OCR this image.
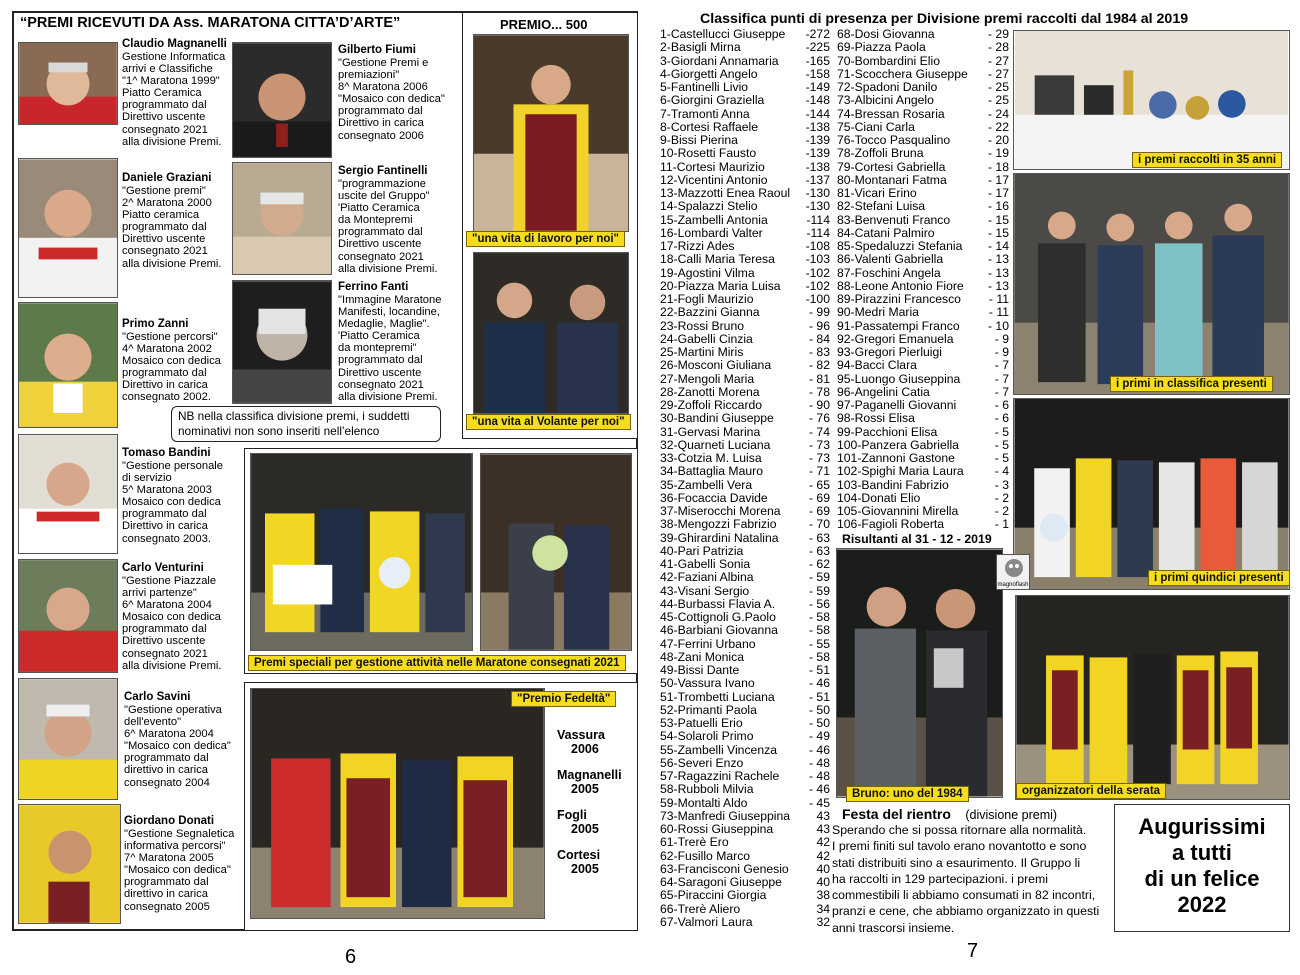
“PREMI RICEVUTI DA Ass. MARATONA CITTA’D’ARTE”
Claudio Magnanelli
Gestione Informatica
arrivi e Classifiche
"1^ Maratona 1999"
Piatto Ceramica
programmato dal
Direttivo uscente
consegnato 2021
alla divisione Premi.
Daniele Graziani
"Gestione premi"
2^ Maratona 2000
Piatto ceramica
programmato dal
Direttivo uscente
consegnato 2021
alla divisione Premi.
Primo Zanni
"Gestione percorsi"
4^ Maratona 2002
Mosaico con dedica
programmato dal
Direttivo in carica
consegnato 2002.
Gilberto Fiumi
"Gestione Premi e
premiazioni"
8^ Maratona 2006
"Mosaico con dedica"
programmato dal
Direttivo in carica
consegnato 2006
Sergio Fantinelli
"programmazione
uscite del Gruppo"
'Piatto Ceramica
da Montepremi
programmato dal
Direttivo uscente
consegnato 2021
alla divisione Premi.
Ferrino Fanti
"Immagine Maratone
Manifesti, locandine,
Medaglie, Maglie".
'Piatto Ceramica
da montepremi"
programmato dal
Direttivo uscente
consegnato 2021
alla divisione Premi.
NB nella classifica divisione premi, i suddetti
nominativi non sono inseriti nell’elenco
PREMIO... 500
"una vita di lavoro per noi"
"una vita al Volante per noi"
Tomaso Bandini
"Gestione personale
di servizio
5^ Maratona 2003
Mosaico con dedica
programmato dal
Direttivo in carica
consegnato 2003.
Carlo Venturini
"Gestione Piazzale
arrivi partenze"
6^ Maratona 2004
Mosaico con dedica
programmato dal
Direttivo uscente
consegnato 2021
alla divisione Premi.
Carlo Savini
"Gestione operativa
dell'evento"
6^ Maratona 2004
"Mosaico con dedica"
programmato dal
direttivo in carica
consegnato 2004
Giordano Donati
"Gestione Segnaletica
informativa percorsi"
7^ Maratona 2005
"Mosaico con dedica"
programmato dal
direttivo in carica
consegnato 2005
Premi speciali per gestione attività nelle Maratone consegnati 2021
"Premio Fedeltà"
Vassura
2006
Magnanelli
2005
Fogli
2005
Cortesi
2005
6
Classifica punti di presenza per Divisione premi raccolti dal 1984 al 2019
1-Castellucci Giuseppe	-272
2-Basigli Mirna	-225
3-Giordani Annamaria	-165
4-Giorgetti Angelo	-158
5-Fantinelli Livio	-149
6-Giorgini Graziella	-148
7-Tramonti Anna	-144
8-Cortesi Raffaele	-138
9-Bissi Pierina	-139
10-Rosetti Fausto	-139
11-Cortesi Maurizio	-138
12-Vicentini Antonio	-137
13-Mazzotti Enea Raoul	-130
14-Spalazzi Stelio	-130
15-Zambelli Antonia	-114
16-Lombardi Valter	-114
17-Rizzi Ades	-108
18-Calli Maria Teresa	-103
19-Agostini Vilma	-102
20-Piazza Maria Luisa	-102
21-Fogli Maurizio	-100
22-Bazzini Gianna	- 99
23-Rossi Bruno	- 96
24-Gabelli Cinzia	- 84
25-Martini Miris	- 83
26-Mosconi Giuliana	- 82
27-Mengoli Maria	- 81
28-Zanotti Morena	- 78
29-Zoffoli Riccardo	- 90
30-Bandini Giuseppe	- 76
31-Gervasi Marina	- 74
32-Quarneti Luciana	- 73
33-Cotzia M. Luisa	- 73
34-Battaglia Mauro	- 71
35-Zambelli Vera	- 65
36-Focaccia Davide	- 69
37-Miserocchi Morena	- 69
38-Mengozzi Fabrizio	- 70
39-Ghirardini Natalina	- 63
40-Pari Patrizia	- 63
41-Gabelli Sonia	- 62
42-Faziani Albina	- 59
43-Visani Sergio	- 59
44-Burbassi Flavia A.	- 56
45-Cottignoli G.Paolo	- 58
46-Barbiani Giovanna	- 58
47-Ferrini Urbano	- 55
48-Zani Monica	- 58
49-Bissi Dante	- 51
50-Vassura Ivano	- 46
51-Trombetti Luciana	- 51
52-Primanti Paola	- 50
53-Patuelli Erio	- 50
54-Solaroli Primo	- 49
55-Zambelli Vincenza	- 46
56-Severi Enzo	- 48
57-Ragazzini Rachele	- 48
58-Rubboli Milvia	- 46
59-Montalti Aldo	- 45
73-Manfredi Giuseppina	43
60-Rossi Giuseppina	43
61-Trerè Ero	42
62-Fusillo Marco	42
63-Francisconi Genesio	40
64-Saragoni Giuseppe	40
65-Piraccini Giorgia	38
66-Trerè Aliero	34
67-Valmori Laura	32
68-Dosi Giovanna	- 29
69-Piazza Paola	- 28
70-Bombardini Elio	- 27
71-Scocchera Giuseppe	- 27
72-Spadoni Danilo	- 25
73-Albicini Angelo	- 25
74-Bressan Rosaria	- 24
75-Ciani Carla	- 22
76-Tocco Pasqualino	- 20
78-Zoffoli Bruna	- 19
79-Cortesi Gabriella	- 18
80-Montanari Fatma	- 17
81-Vicari Erino	- 17
82-Stefani Luisa	- 16
83-Benvenuti Franco	- 15
84-Catani Palmiro	- 15
85-Spedaluzzi Stefania	- 14
86-Valenti Gabriella	- 13
87-Foschini Angela	- 13
88-Leone Antonio Fiore	- 13
89-Pirazzini Francesco	- 11
90-Medri Maria	- 11
91-Passatempi Franco	- 10
92-Gregori Emanuela	- 9
93-Gregori Pierluigi	- 9
94-Bacci Clara	- 7
95-Luongo Giuseppina	- 7
96-Angelini Catia	- 7
97-Paganelli Giovanni	- 6
98-Rossi Elisa	- 6
99-Pacchioni Elisa	- 5
100-Panzera Gabriella	- 5
101-Zannoni Gastone	- 5
102-Spighi Maria Laura	- 4
103-Bandini Fabrizio	- 3
104-Donati Elio	- 2
105-Giovannini Mirella	- 2
106-Fagioli Roberta	- 1
Risultanti al 31 - 12 - 2019
i premi raccolti in 35 anni
i primi in classifica presenti
i primi quindici presenti
magnoflash
Bruno: uno del 1984	organizzatori della serata
Festa del rientro (divisione premi)
Sperando che si possa ritornare alla normalità.
I premi finiti sul tavolo erano novantotto e sono
stati distribuiti sino a esaurimento. Il Gruppo li
ha raccolti in 129 partecipazioni. i premi
commestibili li abbiamo consumati in 82 incontri,
pranzi e cene, che abbiamo organizzato in questi
anni trascorsi insieme.
Augurissimi
a tutti
di un felice
2022
7
